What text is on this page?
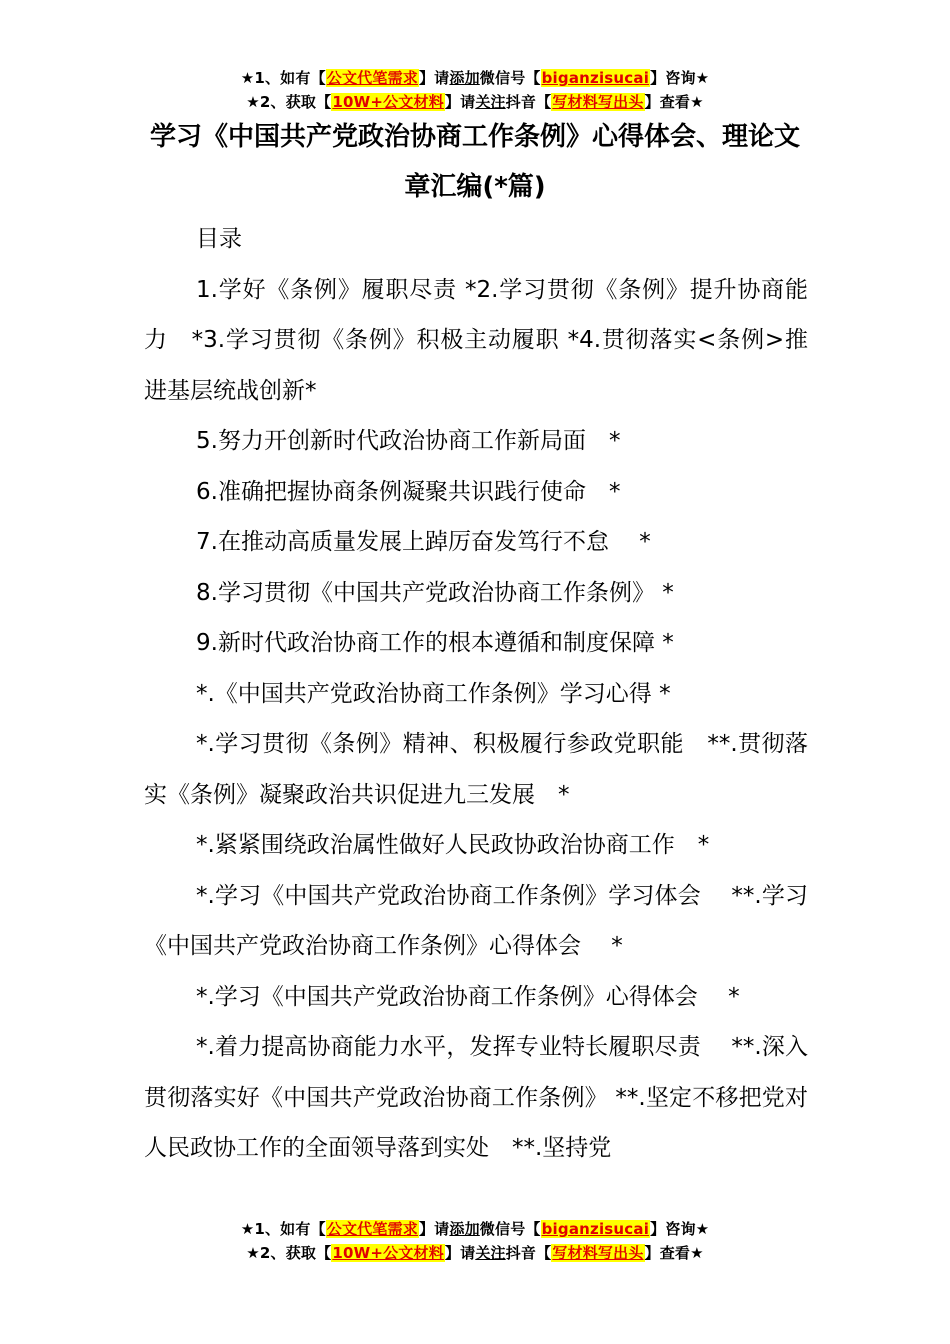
★1、如有【公文代笔需求】请添加微信号【biganzisucai】咨询★
★2、获取【10W+公文材料】请关注抖音【写材料写出头】查看★
学习《中国共产党政治协商工作条例》心得体会、理论文
章汇编(*篇)

目录

1.学好《条例》履职尽责 *2.学习贯彻《条例》提升协商能力　*3.学习贯彻《条例》积极主动履职 *4.贯彻落实<条例>推进基层统战创新*

5.努力开创新时代政治协商工作新局面　*

6.准确把握协商条例凝聚共识践行使命　*

7.在推动高质量发展上踔厉奋发笃行不怠　 *

8.学习贯彻《中国共产党政治协商工作条例》 *

9.新时代政治协商工作的根本遵循和制度保障 *

*.《中国共产党政治协商工作条例》学习心得 *

*.学习贯彻《条例》精神、积极履行参政党职能　**.贯彻落实《条例》凝聚政治共识促进九三发展　*

*.紧紧围绕政治属性做好人民政协政治协商工作　*

*.学习《中国共产党政治协商工作条例》学习体会　 **.学习《中国共产党政治协商工作条例》心得体会　 *

*.学习《中国共产党政治协商工作条例》心得体会　 *

*.着力提高协商能力水平，发挥专业特长履职尽责　 **.深入贯彻落实好《中国共产党政治协商工作条例》 **.坚定不移把党对人民政协工作的全面领导落到实处　**.坚持党

★1、如有【公文代笔需求】请添加微信号【biganzisucai】咨询★
★2、获取【10W+公文材料】请关注抖音【写材料写出头】查看★
